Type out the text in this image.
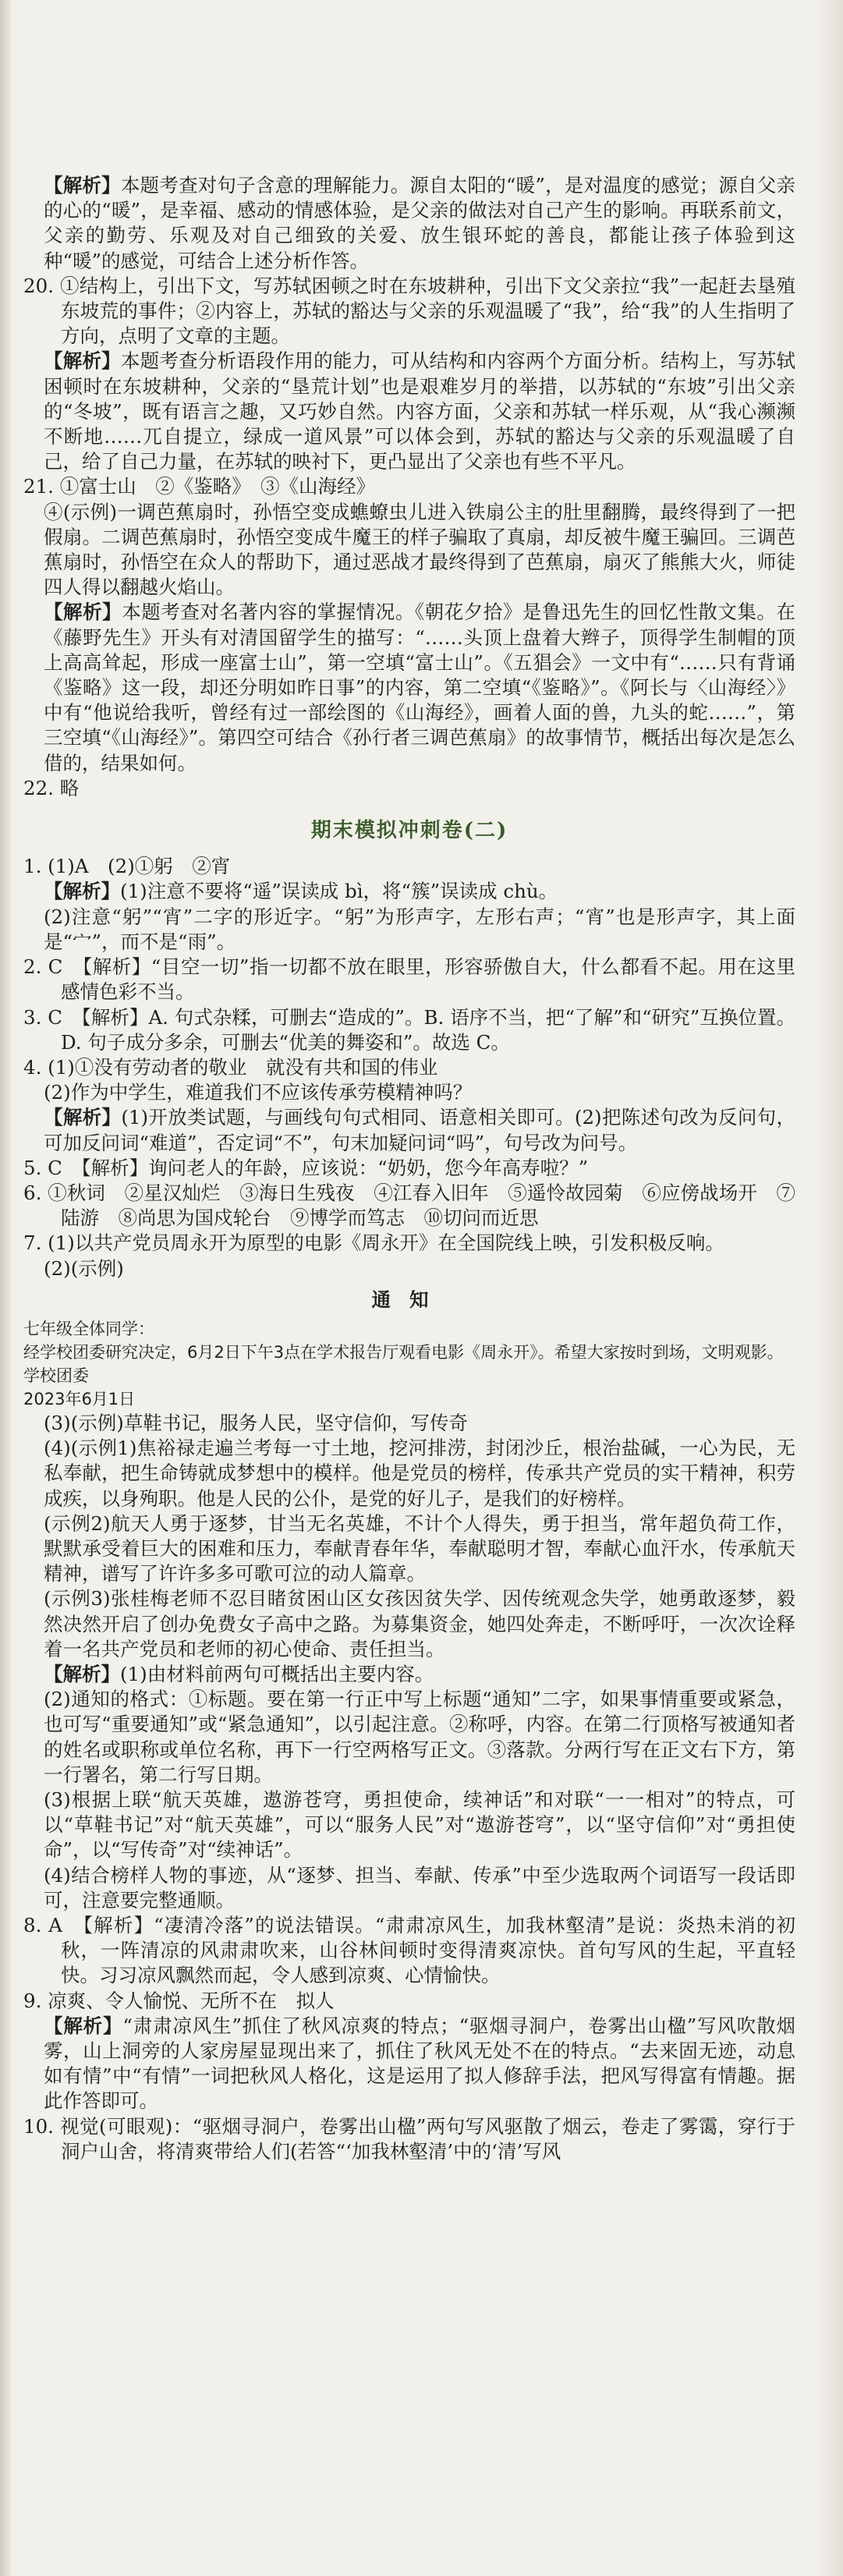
【解析】本题考查对句子含意的理解能力。源自太阳的“暖”，是对温度的感觉；源自父亲的心的“暖”，是幸福、感动的情感体验，是父亲的做法对自己产生的影响。再联系前文，父亲的勤劳、乐观及对自己细致的关爱、放生银环蛇的善良，都能让孩子体验到这种“暖”的感觉，可结合上述分析作答。
20. ①结构上，引出下文，写苏轼困顿之时在东坡耕种，引出下文父亲拉“我”一起赶去垦殖东坡荒的事件；②内容上，苏轼的豁达与父亲的乐观温暖了“我”，给“我”的人生指明了方向，点明了文章的主题。
【解析】本题考查分析语段作用的能力，可从结构和内容两个方面分析。结构上，写苏轼困顿时在东坡耕种，父亲的“垦荒计划”也是艰难岁月的举措，以苏轼的“东坡”引出父亲的“冬坡”，既有语言之趣，又巧妙自然。内容方面，父亲和苏轼一样乐观，从“我心濒濒不断地……兀自提立，绿成一道风景”可以体会到，苏轼的豁达与父亲的乐观温暖了自己，给了自己力量，在苏轼的映衬下，更凸显出了父亲也有些不平凡。
21. ①富士山　②《鉴略》　③《山海经》
④(示例)一调芭蕉扇时，孙悟空变成蟭蟟虫儿进入铁扇公主的肚里翻腾，最终得到了一把假扇。二调芭蕉扇时，孙悟空变成牛魔王的样子骗取了真扇，却反被牛魔王骗回。三调芭蕉扇时，孙悟空在众人的帮助下，通过恶战才最终得到了芭蕉扇，扇灭了熊熊大火，师徒四人得以翻越火焰山。
【解析】本题考查对名著内容的掌握情况。《朝花夕拾》是鲁迅先生的回忆性散文集。在《藤野先生》开头有对清国留学生的描写：“……头顶上盘着大辫子，顶得学生制帽的顶上高高耸起，形成一座富士山”，第一空填“富士山”。《五猖会》一文中有“……只有背诵《鉴略》这一段，却还分明如昨日事”的内容，第二空填“《鉴略》”。《阿长与〈山海经〉》中有“他说给我听，曾经有过一部绘图的《山海经》，画着人面的兽，九头的蛇……”，第三空填“《山海经》”。第四空可结合《孙行者三调芭蕉扇》的故事情节，概括出每次是怎么借的，结果如何。
22. 略
期末模拟冲刺卷(二)
1. (1)A　(2)①躬　②宵
【解析】(1)注意不要将“遥”误读成 bì，将“簇”误读成 chù。
(2)注意“躬”“宵”二字的形近字。“躬”为形声字，左形右声；“宵”也是形声字，其上面是“宀”，而不是“雨”。
2. C　【解析】“目空一切”指一切都不放在眼里，形容骄傲自大，什么都看不起。用在这里感情色彩不当。
3. C　【解析】A. 句式杂糅，可删去“造成的”。B. 语序不当，把“了解”和“研究”互换位置。D. 句子成分多余，可删去“优美的舞姿和”。故选 C。
4. (1)①没有劳动者的敬业　就没有共和国的伟业
(2)作为中学生，难道我们不应该传承劳模精神吗？
【解析】(1)开放类试题，与画线句句式相同、语意相关即可。(2)把陈述句改为反问句，可加反问词“难道”，否定词“不”，句末加疑问词“吗”，句号改为问号。
5. C　【解析】询问老人的年龄，应该说：“奶奶，您今年高寿啦？”
6. ①秋词　②星汉灿烂　③海日生残夜　④江春入旧年　⑤遥怜故园菊　⑥应傍战场开　⑦陆游　⑧尚思为国戍轮台　⑨博学而笃志　⑩切问而近思
7. (1)以共产党员周永开为原型的电影《周永开》在全国院线上映，引发积极反响。
(2)(示例)
通知
七年级全体同学：
经学校团委研究决定，6月2日下午3点在学术报告厅观看电影《周永开》。希望大家按时到场，文明观影。
学校团委
2023年6月1日
(3)(示例)草鞋书记，服务人民，坚守信仰，写传奇
(4)(示例1)焦裕禄走遍兰考每一寸土地，挖河排涝，封闭沙丘，根治盐碱，一心为民，无私奉献，把生命铸就成梦想中的模样。他是党员的榜样，传承共产党员的实干精神，积劳成疾，以身殉职。他是人民的公仆，是党的好儿子，是我们的好榜样。
(示例2)航天人勇于逐梦，甘当无名英雄，不计个人得失，勇于担当，常年超负荷工作，默默承受着巨大的困难和压力，奉献青春年华，奉献聪明才智，奉献心血汗水，传承航天精神，谱写了许许多多可歌可泣的动人篇章。
(示例3)张桂梅老师不忍目睹贫困山区女孩因贫失学、因传统观念失学，她勇敢逐梦，毅然决然开启了创办免费女子高中之路。为募集资金，她四处奔走，不断呼吁，一次次诠释着一名共产党员和老师的初心使命、责任担当。
【解析】(1)由材料前两句可概括出主要内容。
(2)通知的格式：①标题。要在第一行正中写上标题“通知”二字，如果事情重要或紧急，也可写“重要通知”或“紧急通知”，以引起注意。②称呼，内容。在第二行顶格写被通知者的姓名或职称或单位名称，再下一行空两格写正文。③落款。分两行写在正文右下方，第一行署名，第二行写日期。
(3)根据上联“航天英雄，遨游苍穹，勇担使命，续神话”和对联“一一相对”的特点，可以“草鞋书记”对“航天英雄”，可以“服务人民”对“遨游苍穹”，以“坚守信仰”对“勇担使命”，以“写传奇”对“续神话”。
(4)结合榜样人物的事迹，从“逐梦、担当、奉献、传承”中至少选取两个词语写一段话即可，注意要完整通顺。
8. A　【解析】“凄清冷落”的说法错误。“肃肃凉风生，加我林壑清”是说：炎热未消的初秋，一阵清凉的风肃肃吹来，山谷林间顿时变得清爽凉快。首句写风的生起，平直轻快。习习凉风飘然而起，令人感到凉爽、心情愉快。
9. 凉爽、令人愉悦、无所不在　拟人
【解析】“肃肃凉风生”抓住了秋风凉爽的特点；“驱烟寻洞户，卷雾出山楹”写风吹散烟雾，山上洞旁的人家房屋显现出来了，抓住了秋风无处不在的特点。“去来固无迹，动息如有情”中“有情”一词把秋风人格化，这是运用了拟人修辞手法，把风写得富有情趣。据此作答即可。
10. 视觉(可眼观)：“驱烟寻洞户，卷雾出山楹”两句写风驱散了烟云，卷走了雾霭，穿行于洞户山舍，将清爽带给人们(若答“‘加我林壑清’中的‘清’写风
